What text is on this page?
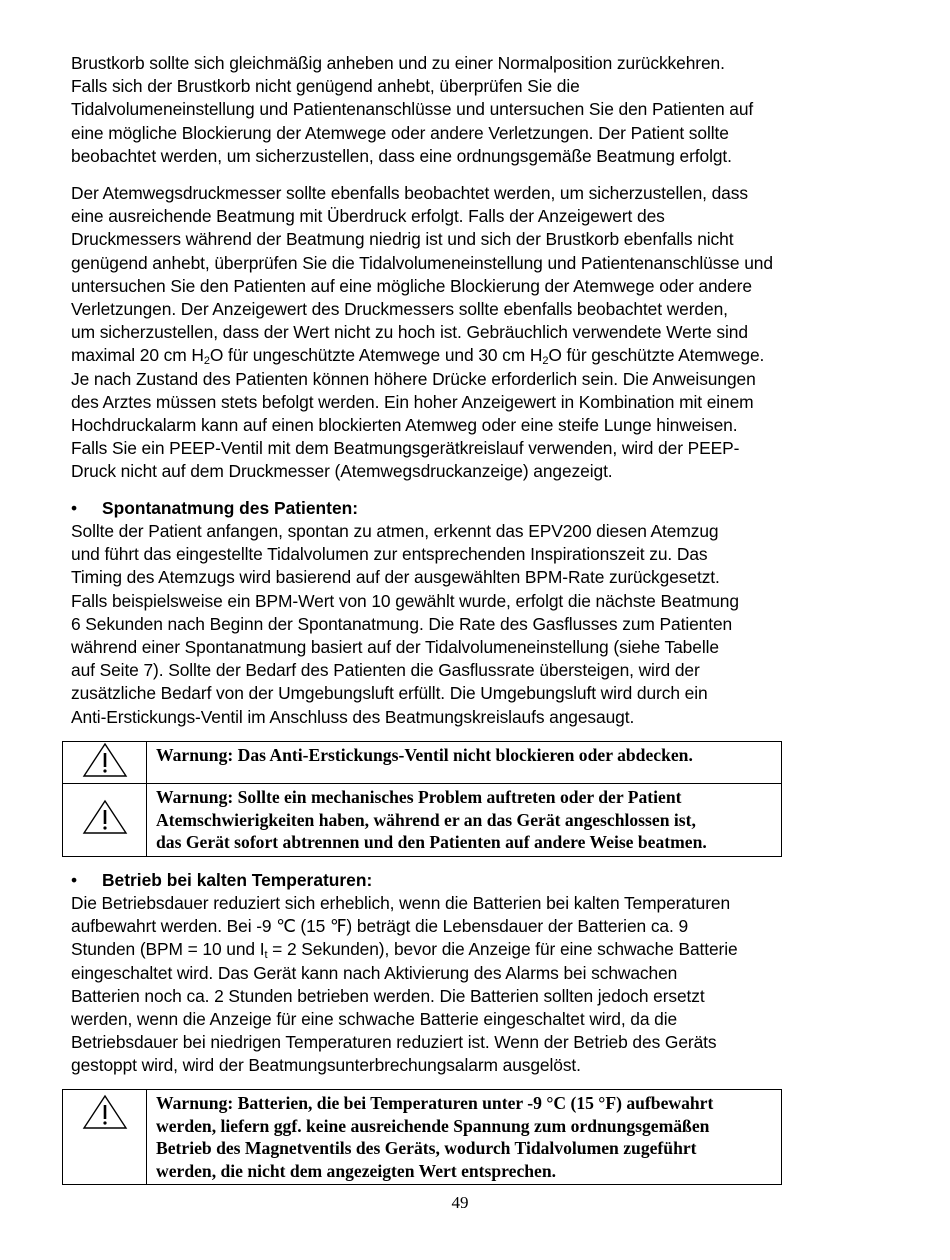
Brustkorb sollte sich gleichmäßig anheben und zu einer Normalposition zurückkehren.
Falls sich der Brustkorb nicht genügend anhebt, überprüfen Sie die
Tidalvolumeneinstellung und Patientenanschlüsse und untersuchen Sie den Patienten auf
eine mögliche Blockierung der Atemwege oder andere Verletzungen. Der Patient sollte
beobachtet werden, um sicherzustellen, dass eine ordnungsgemäße Beatmung erfolgt.
Der Atemwegsdruckmesser sollte ebenfalls beobachtet werden, um sicherzustellen, dass
eine ausreichende Beatmung mit Überdruck erfolgt. Falls der Anzeigewert des
Druckmessers während der Beatmung niedrig ist und sich der Brustkorb ebenfalls nicht
genügend anhebt, überprüfen Sie die Tidalvolumeneinstellung und Patientenanschlüsse und
untersuchen Sie den Patienten auf eine mögliche Blockierung der Atemwege oder andere
Verletzungen. Der Anzeigewert des Druckmessers sollte ebenfalls beobachtet werden,
um sicherzustellen, dass der Wert nicht zu hoch ist. Gebräuchlich verwendete Werte sind
maximal 20 cm $H_2O$ für ungeschützte Atemwege und 30 cm $H_2O$ für geschützte Atemwege.
Je nach Zustand des Patienten können höhere Drücke erforderlich sein. Die Anweisungen
des Arztes müssen stets befolgt werden. Ein hoher Anzeigewert in Kombination mit einem
Hochdruckalarm kann auf einen blockierten Atemweg oder eine steife Lunge hinweisen.
Falls Sie ein PEEP-Ventil mit dem Beatmungsgerätkreislauf verwenden, wird der PEEP-
Druck nicht auf dem Druckmesser (Atemwegsdruckanzeige) angezeigt.
• Spontanatmung des Patienten:
Sollte der Patient anfangen, spontan zu atmen, erkennt das EPV200 diesen Atemzug
und führt das eingestellte Tidalvolumen zur entsprechenden Inspirationszeit zu. Das
Timing des Atemzugs wird basierend auf der ausgewählten BPM-Rate zurückgesetzt.
Falls beispielsweise ein BPM-Wert von 10 gewählt wurde, erfolgt die nächste Beatmung
6 Sekunden nach Beginn der Spontanatmung. Die Rate des Gasflusses zum Patienten
während einer Spontanatmung basiert auf der Tidalvolumeneinstellung (siehe Tabelle
auf Seite 7). Sollte der Bedarf des Patienten die Gasflussrate übersteigen, wird der
zusätzliche Bedarf von der Umgebungsluft erfüllt. Die Umgebungsluft wird durch ein
Anti-Erstickungs-Ventil im Anschluss des Beatmungskreislaufs angesaugt.

Warnung: Das Anti-Erstickungs-Ventil nicht blockieren oder abdecken.

Warnung: Sollte ein mechanisches Problem auftreten oder der Patient
Atemschwierigkeiten haben, während er an das Gerät angeschlossen ist,
das Gerät sofort abtrennen und den Patienten auf andere Weise beatmen.
• Betrieb bei kalten Temperaturen:
Die Betriebsdauer reduziert sich erheblich, wenn die Batterien bei kalten Temperaturen
aufbewahrt werden. Bei -9 ℃ (15 ℉) beträgt die Lebensdauer der Batterien ca. 9
Stunden (BPM = 10 und $I_t = 2$ Sekunden), bevor die Anzeige für eine schwache Batterie
eingeschaltet wird. Das Gerät kann nach Aktivierung des Alarms bei schwachen
Batterien noch ca. 2 Stunden betrieben werden. Die Batterien sollten jedoch ersetzt
werden, wenn die Anzeige für eine schwache Batterie eingeschaltet wird, da die
Betriebsdauer bei niedrigen Temperaturen reduziert ist. Wenn der Betrieb des Geräts
gestoppt wird, wird der Beatmungsunterbrechungsalarm ausgelöst.

Warnung: Batterien, die bei Temperaturen unter -9 °C (15 °F) aufbewahrt
werden, liefern ggf. keine ausreichende Spannung zum ordnungsgemäßen
Betrieb des Magnetventils des Geräts, wodurch Tidalvolumen zugeführt
werden, die nicht dem angezeigten Wert entsprechen.
49
